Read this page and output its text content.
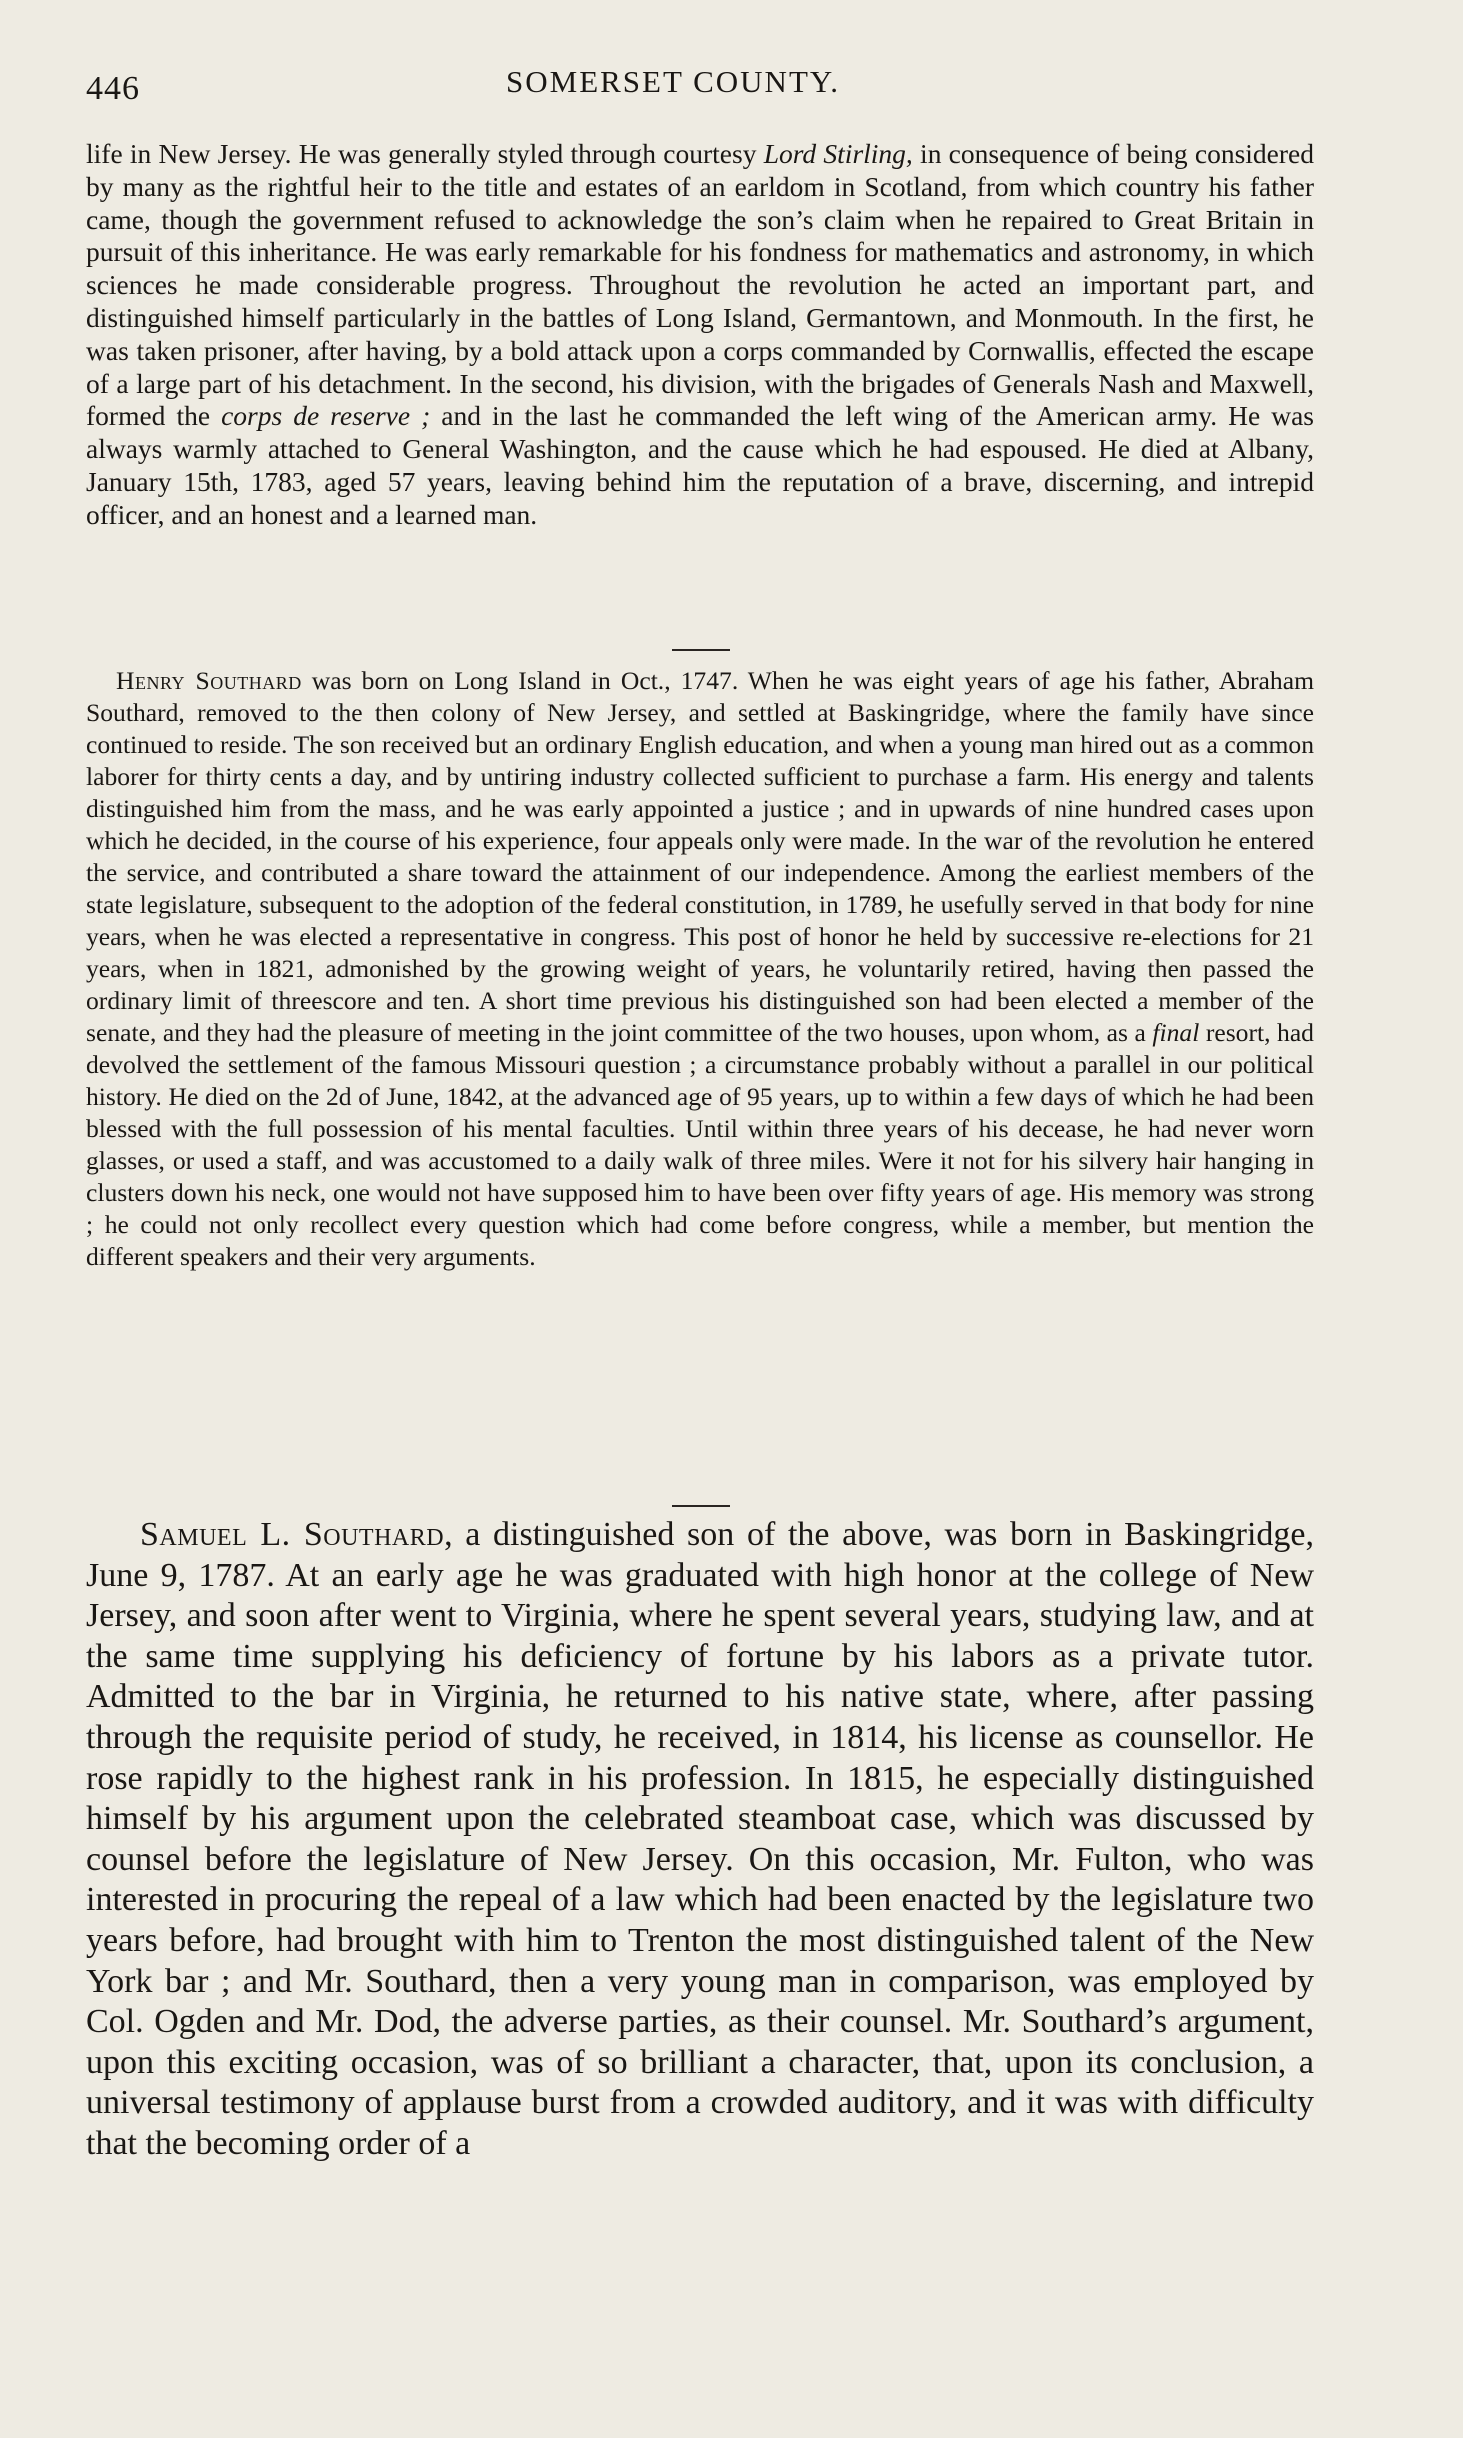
446	SOMERSET COUNTY.

life in New Jersey. He was generally styled through courtesy Lord Stirling, in consequence of being considered by many as the rightful heir to the title and estates of an earldom in Scotland, from which country his father came, though the government refused to acknowledge the son’s claim when he repaired to Great Britain in pursuit of this inheritance. He was early remarkable for his fondness for mathematics and astronomy, in which sciences he made considerable progress. Throughout the revolution he acted an important part, and distinguished himself particularly in the battles of Long Island, Germantown, and Monmouth. In the first, he was taken prisoner, after having, by a bold attack upon a corps commanded by Cornwallis, effected the escape of a large part of his detachment. In the second, his division, with the brigades of Generals Nash and Maxwell, formed the corps de reserve ; and in the last he commanded the left wing of the American army. He was always warmly attached to General Washington, and the cause which he had espoused. He died at Albany, January 15th, 1783, aged 57 years, leaving behind him the reputation of a brave, discerning, and intrepid officer, and an honest and a learned man.

Henry Southard was born on Long Island in Oct., 1747. When he was eight years of age his father, Abraham Southard, removed to the then colony of New Jersey, and settled at Baskingridge, where the family have since continued to reside. The son received but an ordinary English education, and when a young man hired out as a common laborer for thirty cents a day, and by untiring industry collected sufficient to purchase a farm. His energy and talents distinguished him from the mass, and he was early appointed a justice ; and in upwards of nine hundred cases upon which he decided, in the course of his experience, four appeals only were made. In the war of the revolution he entered the service, and contributed a share toward the attainment of our independence. Among the earliest members of the state legislature, subsequent to the adoption of the federal constitution, in 1789, he usefully served in that body for nine years, when he was elected a representative in congress. This post of honor he held by successive re-elections for 21 years, when in 1821, admonished by the growing weight of years, he voluntarily retired, having then passed the ordinary limit of threescore and ten. A short time previous his distinguished son had been elected a member of the senate, and they had the pleasure of meeting in the joint committee of the two houses, upon whom, as a final resort, had devolved the settlement of the famous Missouri question ; a circumstance probably without a parallel in our political history. He died on the 2d of June, 1842, at the advanced age of 95 years, up to within a few days of which he had been blessed with the full possession of his mental faculties. Until within three years of his decease, he had never worn glasses, or used a staff, and was accustomed to a daily walk of three miles. Were it not for his silvery hair hanging in clusters down his neck, one would not have supposed him to have been over fifty years of age. His memory was strong ; he could not only recollect every question which had come before congress, while a member, but mention the different speakers and their very arguments.

Samuel L. Southard, a distinguished son of the above, was born in Baskingridge, June 9, 1787. At an early age he was graduated with high honor at the college of New Jersey, and soon after went to Virginia, where he spent several years, studying law, and at the same time supplying his deficiency of fortune by his labors as a private tutor. Admitted to the bar in Virginia, he returned to his native state, where, after passing through the requisite period of study, he received, in 1814, his license as counsellor. He rose rapidly to the highest rank in his profession. In 1815, he especially distinguished himself by his argument upon the celebrated steamboat case, which was discussed by counsel before the legislature of New Jersey. On this occasion, Mr. Fulton, who was interested in procuring the repeal of a law which had been enacted by the legislature two years before, had brought with him to Trenton the most distinguished talent of the New York bar ; and Mr. Southard, then a very young man in comparison, was employed by Col. Ogden and Mr. Dod, the adverse parties, as their counsel. Mr. Southard’s argument, upon this exciting occasion, was of so brilliant a character, that, upon its conclusion, a universal testimony of applause burst from a crowded auditory, and it was with difficulty that the becoming order of a
